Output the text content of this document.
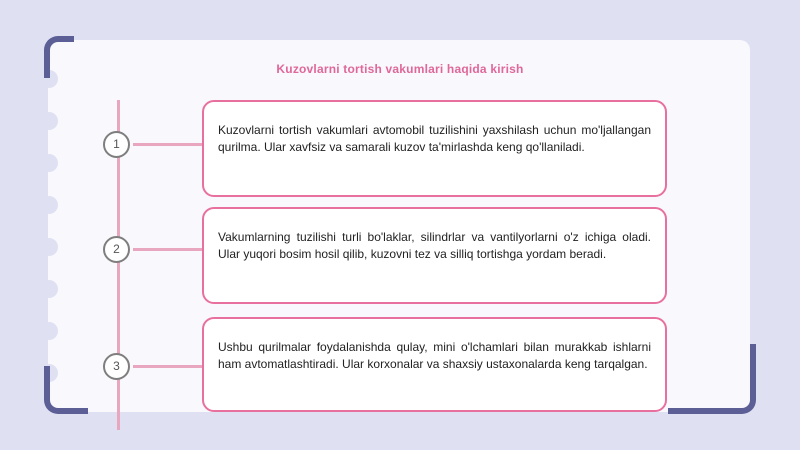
Kuzovlarni tortish vakumlari haqida kirish
1
Kuzovlarni tortish vakumlari avtomobil tuzilishini yaxshilash uchun mo'ljallangan qurilma. Ular xavfsiz va samarali kuzov ta'mirlashda keng qo'llaniladi.
2
Vakumlarning tuzilishi turli bo'laklar, silindrlar va vantilyorlarni o'z ichiga oladi. Ular yuqori bosim hosil qilib, kuzovni tez va silliq tortishga yordam beradi.
3
Ushbu qurilmalar foydalanishda qulay, mini o'lchamlari bilan murakkab ishlarni ham avtomatlashtiradi. Ular korxonalar va shaxsiy ustaxonalarda keng tarqalgan.
